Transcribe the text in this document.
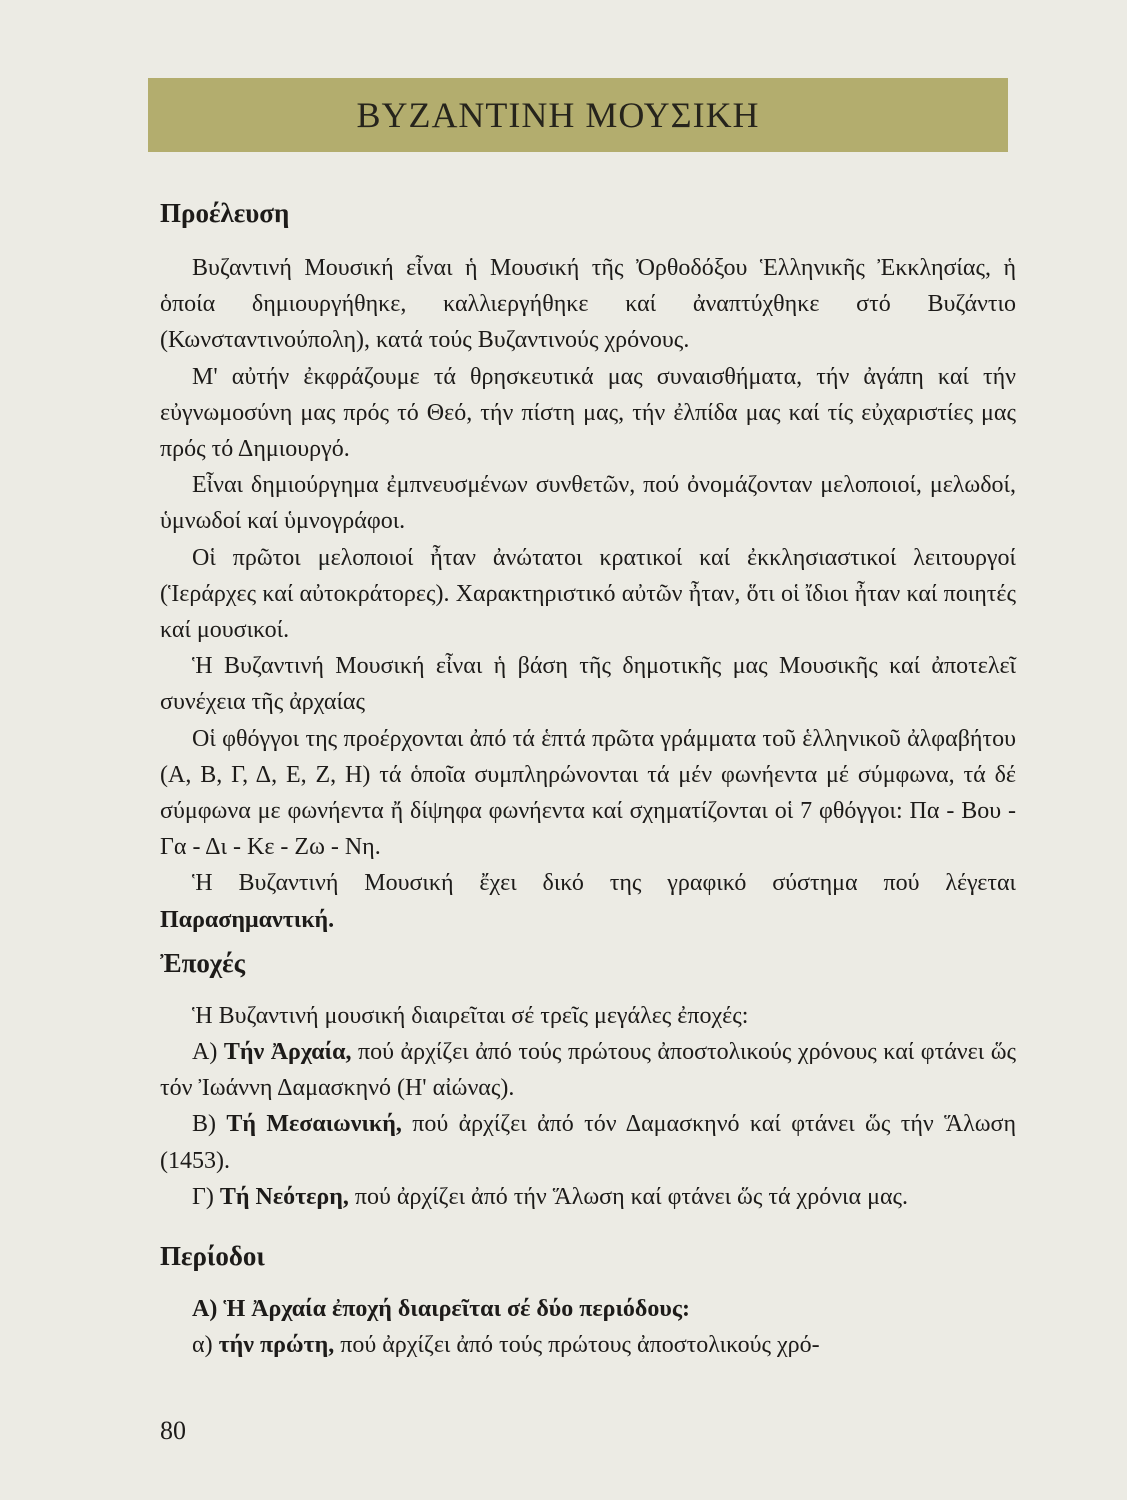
ΒΥΖΑΝΤΙΝΗ ΜΟΥΣΙΚΗ
Προέλευση

Βυζαντινή Μουσική εἶναι ἡ Μουσική τῆς Ὀρθοδόξου Ἑλληνικῆς Ἐκκλησίας, ἡ ὁποία δημιουργήθηκε, καλλιεργήθηκε καί ἀναπτύχθηκε στό Βυζάντιο (Κωνσταντινούπολη), κατά τούς Βυζαντινούς χρόνους.

Μ' αὐτήν ἐκφράζουμε τά θρησκευτικά μας συναισθήματα, τήν ἀγάπη καί τήν εὐγνωμοσύνη μας πρός τό Θεό, τήν πίστη μας, τήν ἐλπίδα μας καί τίς εὐχαριστίες μας πρός τό Δημιουργό.

Εἶναι δημιούργημα ἐμπνευσμένων συνθετῶν, πού ὀνομάζονταν μελοποιοί, μελωδοί, ὑμνωδοί καί ὑμνογράφοι.

Οἱ πρῶτοι μελοποιοί ἦταν ἀνώτατοι κρατικοί καί ἐκκλησιαστικοί λειτουργοί (Ἱεράρχες καί αὐτοκράτορες). Χαρακτηριστικό αὐτῶν ἦταν, ὅτι οἱ ἴδιοι ἦταν καί ποιητές καί μουσικοί.

Ἡ Βυζαντινή Μουσική εἶναι ἡ βάση τῆς δημοτικῆς μας Μουσικῆς καί ἀποτελεῖ συνέχεια τῆς ἀρχαίας

Οἱ φθόγγοι της προέρχονται ἀπό τά ἑπτά πρῶτα γράμματα τοῦ ἑλληνικοῦ ἀλφαβήτου (Α, Β, Γ, Δ, Ε, Ζ, Η) τά ὁποῖα συμπληρώνονται τά μέν φωνήεντα μέ σύμφωνα, τά δέ σύμφωνα με φωνήεντα ἤ δίψηφα φωνήεντα καί σχηματίζονται οἱ 7 φθόγγοι: Πα - Βου - Γα - Δι - Κε - Ζω - Νη.

Ἡ Βυζαντινή Μουσική ἔχει δικό της γραφικό σύστημα πού λέγεται Παρασημαντική.

Ἐποχές

Ἡ Βυζαντινή μουσική διαιρεῖται σέ τρεῖς μεγάλες ἐποχές:

Α) Τήν Ἀρχαία, πού ἀρχίζει ἀπό τούς πρώτους ἀποστολικούς χρόνους καί φτάνει ὥς τόν Ἰωάννη Δαμασκηνό (Η' αἰώνας).

Β) Τή Μεσαιωνική, πού ἀρχίζει ἀπό τόν Δαμασκηνό καί φτάνει ὥς τήν Ἅλωση (1453).

Γ) Τή Νεότερη, πού ἀρχίζει ἀπό τήν Ἅλωση καί φτάνει ὥς τά χρόνια μας.

Περίοδοι

Α) Ἡ Ἀρχαία ἐποχή διαιρεῖται σέ δύο περιόδους:

α) τήν πρώτη, πού ἀρχίζει ἀπό τούς πρώτους ἀποστολικούς χρό-

80
